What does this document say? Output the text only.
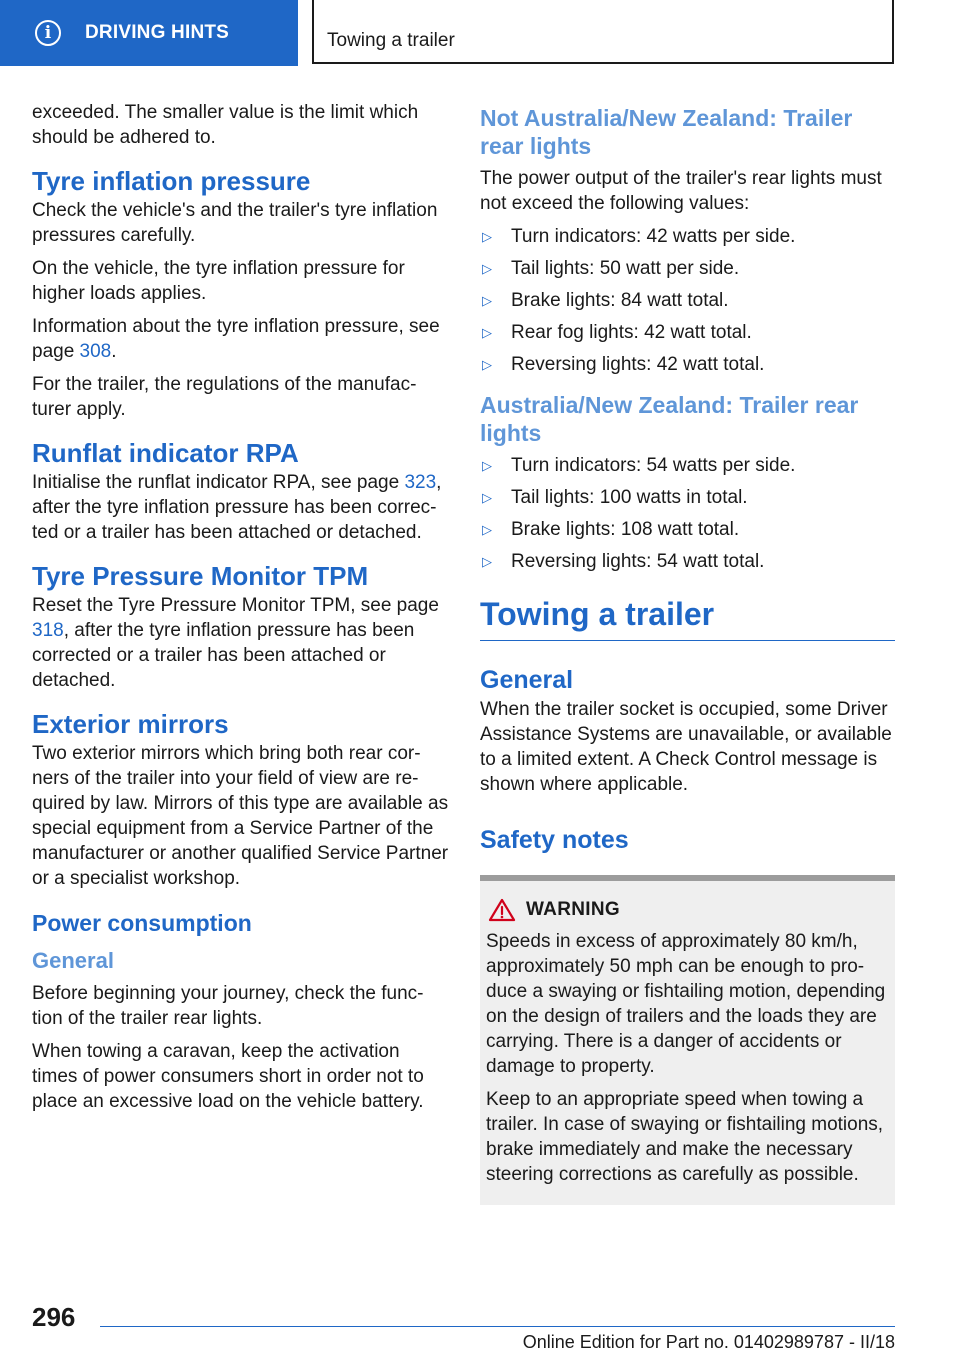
i	DRIVING HINTS	Towing a trailer

exceeded. The smaller value is the limit which should be adhered to.

Tyre inflation pressure

Check the vehicle's and the trailer's tyre inflation pressures carefully.

On the vehicle, the tyre inflation pressure for higher loads applies.

Information about the tyre inflation pressure, see page 308.

For the trailer, the regulations of the manufac‐turer apply.

Runflat indicator RPA

Initialise the runflat indicator RPA, see page 323, after the tyre inflation pressure has been correc‐ted or a trailer has been attached or detached.

Tyre Pressure Monitor TPM

Reset the Tyre Pressure Monitor TPM, see page 318, after the tyre inflation pressure has been corrected or a trailer has been attached or detached.

Exterior mirrors

Two exterior mirrors which bring both rear cor‐ners of the trailer into your field of view are re‐quired by law. Mirrors of this type are available as special equipment from a Service Partner of the manufacturer or another qualified Service Partner or a specialist workshop.

Power consumption
General

Before beginning your journey, check the func‐tion of the trailer rear lights.

When towing a caravan, keep the activation times of power consumers short in order not to place an excessive load on the vehicle battery.

Not Australia/New Zealand: Trailer rear lights

The power output of the trailer's rear lights must not exceed the following values:

▷	Turn indicators: 42 watts per side.
▷	Tail lights: 50 watt per side.
▷	Brake lights: 84 watt total.
▷	Rear fog lights: 42 watt total.
▷	Reversing lights: 42 watt total.
Australia/New Zealand: Trailer rear lights
▷	Turn indicators: 54 watts per side.
▷	Tail lights: 100 watts in total.
▷	Brake lights: 108 watt total.
▷	Reversing lights: 54 watt total.
Towing a trailer
General

When the trailer socket is occupied, some Driver Assistance Systems are unavailable, or available to a limited extent. A Check Control message is shown where applicable.

Safety notes
WARNING

Speeds in excess of approximately 80 km/h, approximately 50 mph can be enough to pro‐duce a swaying or fishtailing motion, depending on the design of trailers and the loads they are carrying. There is a danger of accidents or damage to property.

Keep to an appropriate speed when towing a trailer. In case of swaying or fishtailing motions, brake immediately and make the necessary steering corrections as carefully as possible.

296
Online Edition for Part no. 01402989787 - II/18
